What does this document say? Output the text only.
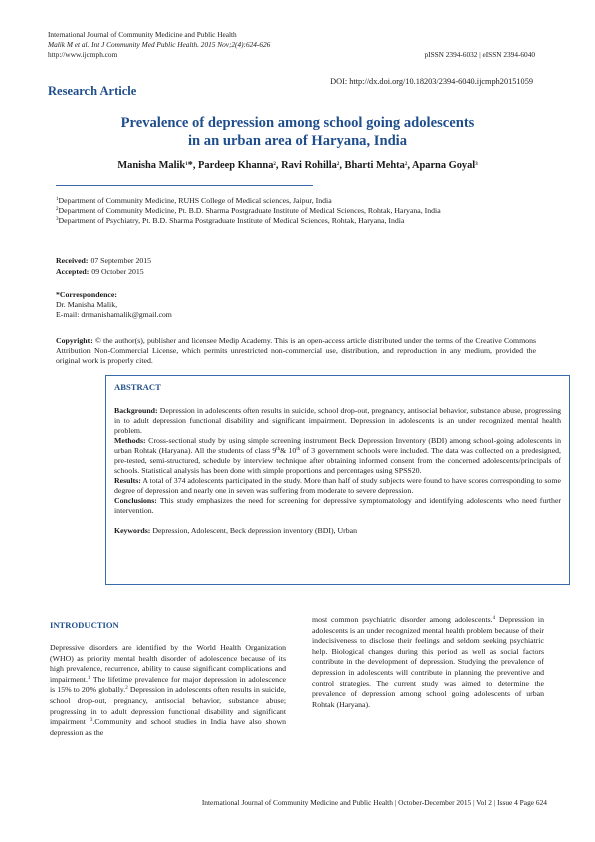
International Journal of Community Medicine and Public Health
Malik M et al. Int J Community Med Public Health. 2015 Nov;2(4):624-626
http://www.ijcmph.com	pISSN 2394-6032 | eISSN 2394-6040
DOI: http://dx.doi.org/10.18203/2394-6040.ijcmph20151059
Research Article
Prevalence of depression among school going adolescents
in an urban area of Haryana, India
Manisha Malik$^1$*, Pardeep Khanna$^2$, Ravi Rohilla$^2$, Bharti Mehta$^2$, Aparna Goyal$^3$
$^1$Department of Community Medicine, RUHS College of Medical sciences, Jaipur, India
$^2$Department of Community Medicine, Pt. B.D. Sharma Postgraduate Institute of Medical Sciences, Rohtak, Haryana, India
$^3$Department of Psychiatry, Pt. B.D. Sharma Postgraduate Institute of Medical Sciences, Rohtak, Haryana, India
Received: 07 September 2015
Accepted: 09 October 2015
*Correspondence:
Dr. Manisha Malik,
E-mail: drmanishamalik@gmail.com
Copyright: © the author(s), publisher and licensee Medip Academy. This is an open-access article distributed under the terms of the Creative Commons Attribution Non-Commercial License, which permits unrestricted non-commercial use, distribution, and reproduction in any medium, provided the original work is properly cited.
ABSTRACT
Background: Depression in adolescents often results in suicide, school drop-out, pregnancy, antisocial behavior, substance abuse, progressing in to adult depression functional disability and significant impairment. Depression in adolescents is an under recognized mental health problem.
Methods: Cross-sectional study by using simple screening instrument Beck Depression Inventory (BDI) among school-going adolescents in urban Rohtak (Haryana). All the students of class 9th& 10th of 3 government schools were included. The data was collected on a predesigned, pre-tested, semi-structured, schedule by interview technique after obtaining informed consent from the concerned adolescents/principals of schools. Statistical analysis has been done with simple proportions and percentages using SPSS20.
Results: A total of 374 adolescents participated in the study. More than half of study subjects were found to have scores corresponding to some degree of depression and nearly one in seven was suffering from moderate to severe depression.
Conclusions: This study emphasizes the need for screening for depressive symptomatology and identifying adolescents who need further intervention.
Keywords: Depression, Adolescent, Beck depression inventory (BDI), Urban
INTRODUCTION
Depressive disorders are identified by the World Health Organization (WHO) as priority mental health disorder of adolescence because of its high prevalence, recurrence, ability to cause significant complications and impairment.$^1$ The lifetime prevalence for major depression in adolescence is 15% to 20% globally.$^2$ Depression in adolescents often results in suicide, school drop-out, pregnancy, antisocial behavior, substance abuse; progressing in to adult depression functional disability and significant impairment $^3$.Community and school studies in India have also shown depression as the
most common psychiatric disorder among adolescents.$^4$ Depression in adolescents is an under recognized mental health problem because of their indecisiveness to disclose their feelings and seldom seeking psychiatric help. Biological changes during this period as well as social factors contribute in the development of depression. Studying the prevalence of depression in adolescents will contribute in planning the preventive and control strategies. The current study was aimed to determine the prevalence of depression among school going adolescents of urban Rohtak (Haryana).
International Journal of Community Medicine and Public Health | October-December 2015 | Vol 2 | Issue 4 Page 624
